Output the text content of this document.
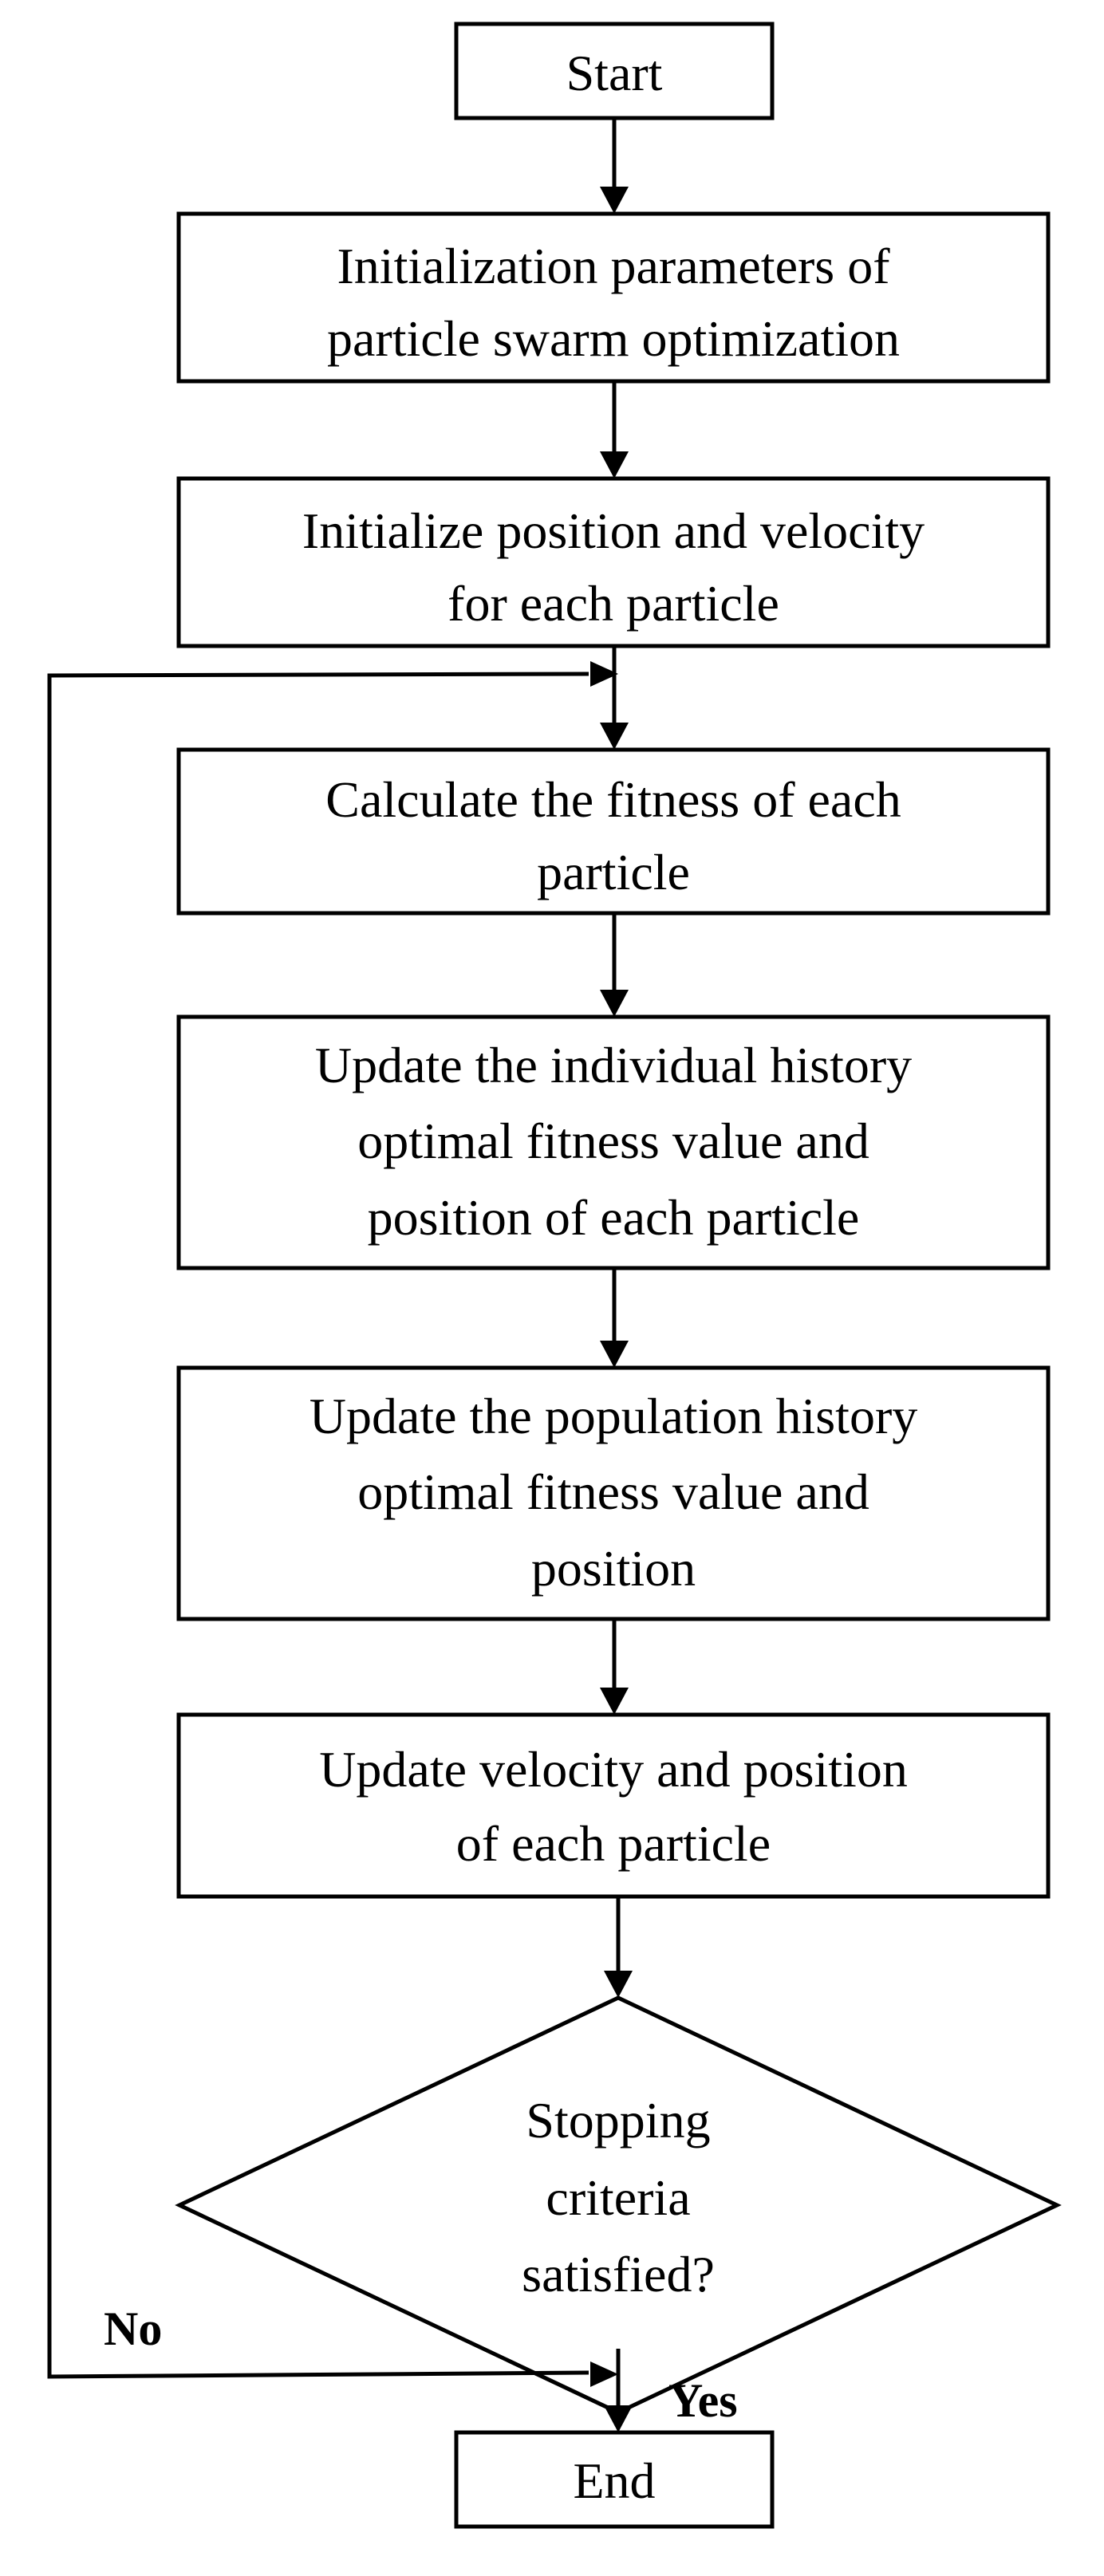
Start
Initialization parameters of
particle swarm optimization
Initialize position and velocity
for each particle
Calculate the fitness of each
particle
Update the individual history
optimal fitness value and
position of each particle
Update the population history
optimal fitness value and
position
Update velocity and position
of each particle
Stopping
criteria
satisfied?
End
No
Yes
